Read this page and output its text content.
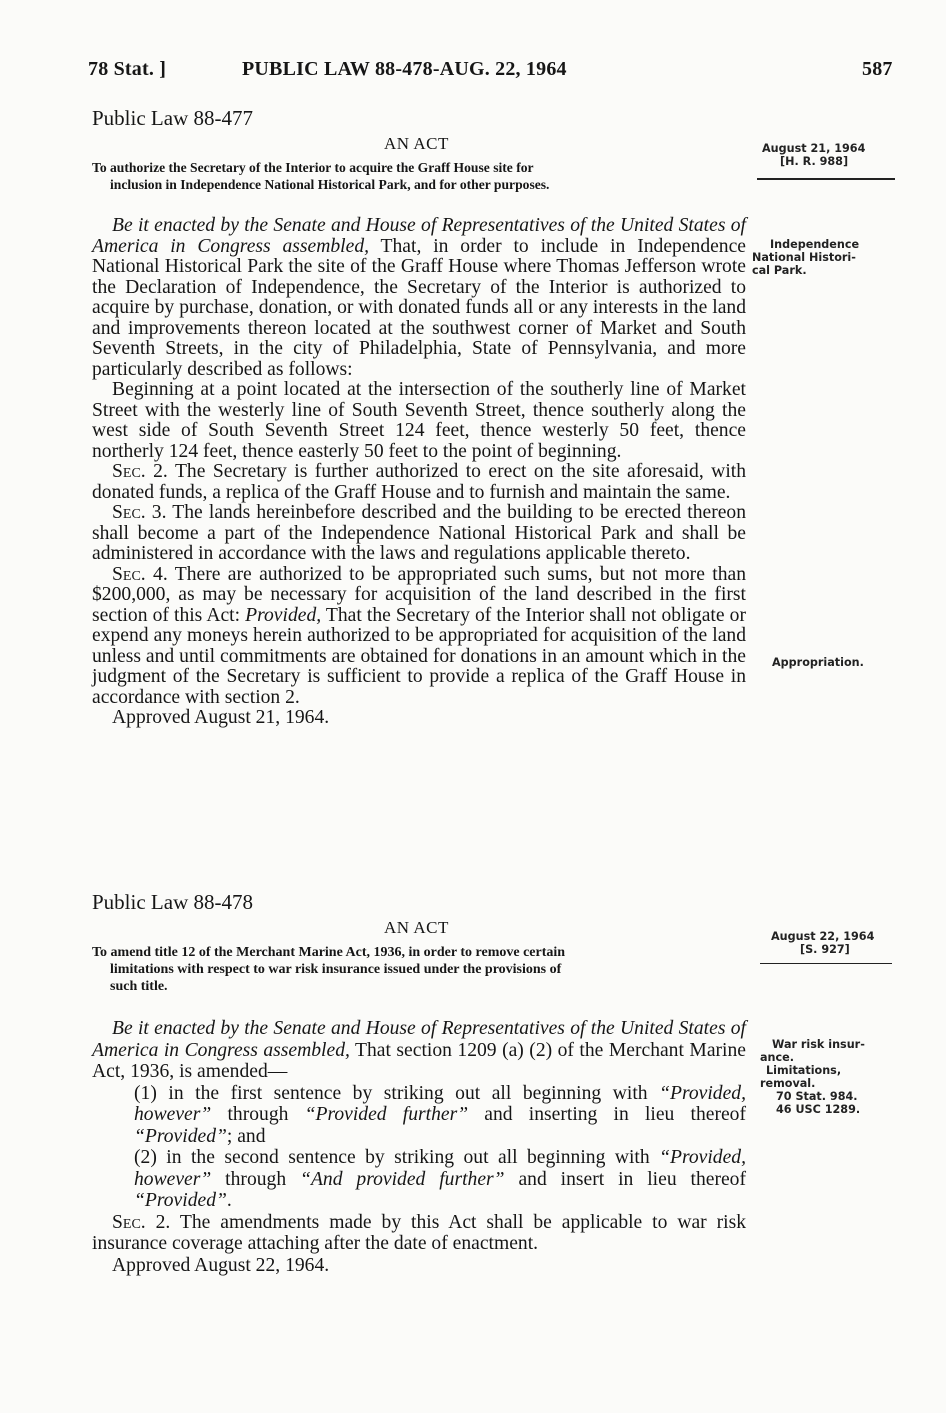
78 Stat. ]	PUBLIC LAW 88-478-AUG. 22, 1964	587
Public Law 88-477
AN ACT	August 21, 1964
[H. R. 988]
To authorize the Secretary of the Interior to acquire the Graff House site for
inclusion in Independence National Historical Park, and for other purposes.
Independence
National Histori-
cal Park.

Be it enacted by the Senate and House of Representatives of the United States of America in Congress assembled, That, in order to include in Independence National Historical Park the site of the Graff House where Thomas Jefferson wrote the Declaration of Independence, the Secretary of the Interior is authorized to acquire by purchase, donation, or with donated funds all or any interests in the land and improvements thereon located at the southwest corner of Market and South Seventh Streets, in the city of Philadelphia, State of Pennsylvania, and more particularly described as follows:

Beginning at a point located at the intersection of the southerly line of Market Street with the westerly line of South Seventh Street, thence southerly along the west side of South Seventh Street 124 feet, thence westerly 50 feet, thence northerly 124 feet, thence easterly 50 feet to the point of beginning.

Sec. 2. The Secretary is further authorized to erect on the site aforesaid, with donated funds, a replica of the Graff House and to furnish and maintain the same.

Sec. 3. The lands hereinbefore described and the building to be erected thereon shall become a part of the Independence National Historical Park and shall be administered in accordance with the laws and regulations applicable thereto.

Sec. 4. There are authorized to be appropriated such sums, but not more than $200,000, as may be necessary for acquisition of the land described in the first section of this Act: Provided, That the Secretary of the Interior shall not obligate or expend any moneys herein authorized to be appropriated for acquisition of the land unless and until commitments are obtained for donations in an amount which in the judgment of the Secretary is sufficient to provide a replica of the Graff House in accordance with section 2.

Approved August 21, 1964.

Appropriation.
Public Law 88-478
AN ACT	August 22, 1964
[S. 927]
To amend title 12 of the Merchant Marine Act, 1936, in order to remove certain
limitations with respect to war risk insurance issued under the provisions of
such title.
War risk insur-
ance.
Limitations,
removal.
70 Stat. 984.
46 USC 1289.

Be it enacted by the Senate and House of Representatives of the United States of America in Congress assembled, That section 1209 (a) (2) of the Merchant Marine Act, 1936, is amended—

(1) in the first sentence by striking out all beginning with “Provided, however” through “Provided further” and inserting in lieu thereof “Provided”; and

(2) in the second sentence by striking out all beginning with “Provided, however” through “And provided further” and insert in lieu thereof “Provided”.

Sec. 2. The amendments made by this Act shall be applicable to war risk insurance coverage attaching after the date of enactment.

Approved August 22, 1964.
